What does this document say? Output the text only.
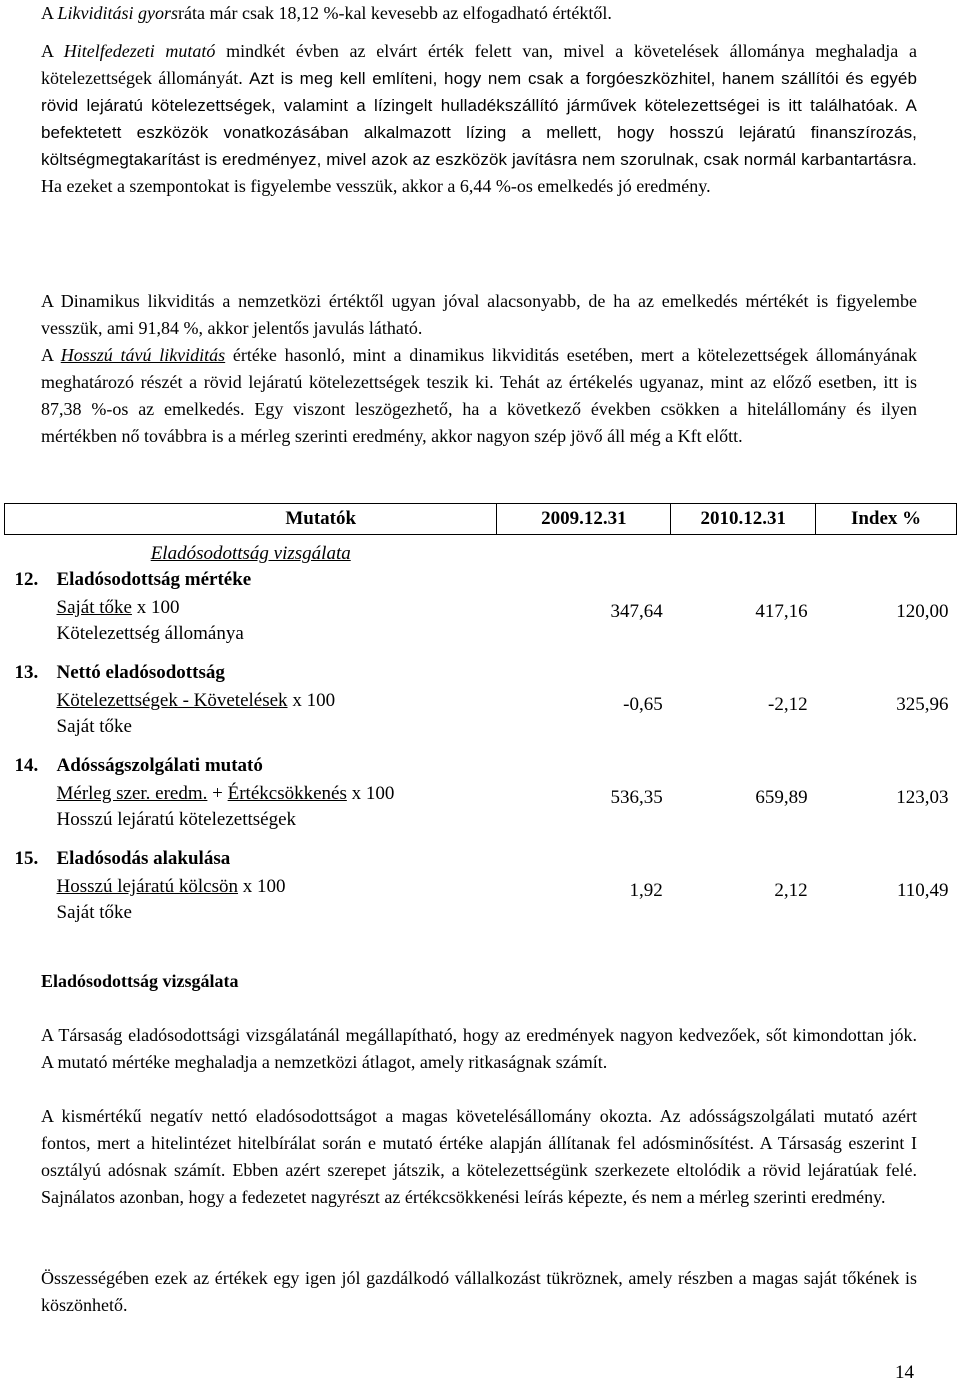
A Likviditási gyorsráta már csak 18,12 %-kal kevesebb az elfogadható értéktől.

A Hitelfedezeti mutató mindkét évben az elvárt érték felett van, mivel a követelések állománya meghaladja a kötelezettségek állományát. Azt is meg kell említeni, hogy nem csak a forgóeszközhitel, hanem szállítói és egyéb rövid lejáratú kötelezettségek, valamint a lízingelt hulladékszállító járművek kötelezettségei is itt találhatóak. A befektetett eszközök vonatkozásában alkalmazott lízing a mellett, hogy hosszú lejáratú finanszírozás, költségmegtakarítást is eredményez, mivel azok az eszközök javításra nem szorulnak, csak normál karbantartásra. Ha ezeket a szempontokat is figyelembe vesszük, akkor a 6,44 %-os emelkedés jó eredmény.

A Dinamikus likviditás a nemzetközi értéktől ugyan jóval alacsonyabb, de ha az emelkedés mértékét is figyelembe vesszük, ami 91,84 %, akkor jelentős javulás látható.

A Hosszú távú likviditás értéke hasonló, mint a dinamikus likviditás esetében, mert a kötelezettségek állományának meghatározó részét a rövid lejáratú kötelezettségek teszik ki. Tehát az értékelés ugyanaz, mint az előző esetben, itt is 87,38 %-os az emelkedés. Egy viszont leszögezhető, ha a következő években csökken a hitelállomány és ilyen mértékben nő továbbra is a mérleg szerinti eredmény, akkor nagyon szép jövő áll még a Kft előtt.

Mutatók	2009.12.31	2010.12.31	Index %
Eladósodottság vizsgálata			

12. Eladósodottság mértéke
Saját tőke x 100
Kötelezettség állománya	347,64	417,16	120,00

13. Nettó eladósodottság
Kötelezettségek - Követelések x 100
Saját tőke	-0,65	-2,12	325,96

14. Adósságszolgálati mutató
Mérleg szer. eredm. + Értékcsökkenés x 100
Hosszú lejáratú kötelezettségek	536,35	659,89	123,03

15. Eladósodás alakulása
Hosszú lejáratú kölcsön x 100
Saját tőke	1,92	2,12	110,49

Eladósodottság vizsgálata

A Társaság eladósodottsági vizsgálatánál megállapítható, hogy az eredmények nagyon kedvezőek, sőt kimondottan jók. A mutató mértéke meghaladja a nemzetközi átlagot, amely ritkaságnak számít.

A kismértékű negatív nettó eladósodottságot a magas követelésállomány okozta. Az adósságszolgálati mutató azért fontos, mert a hitelintézet hitelbírálat során e mutató értéke alapján állítanak fel adósminősítést. A Társaság eszerint I osztályú adósnak számít. Ebben azért szerepet játszik, a kötelezettségünk szerkezete eltolódik a rövid lejáratúak felé. Sajnálatos azonban, hogy a fedezetet nagyrészt az értékcsökkenési leírás képezte, és nem a mérleg szerinti eredmény.

Összességében ezek az értékek egy igen jól gazdálkodó vállalkozást tükröznek, amely részben a magas saját tőkének is köszönhető.

14
